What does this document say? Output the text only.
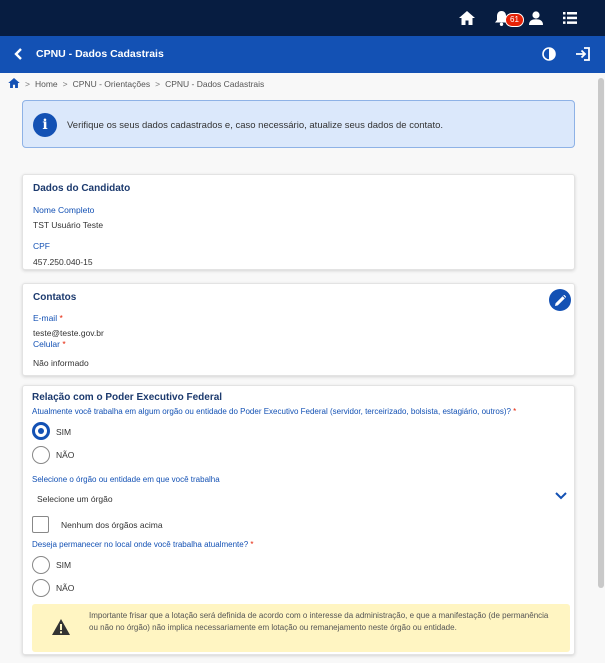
61
CPNU - Dados Cadastrais
> Home > CPNU - Orientações > CPNU - Dados Cadastrais
i	Verifique os seus dados cadastrados e, caso necessário, atualize seus dados de contato.
Dados do Candidato
Nome Completo
TST Usuário Teste
CPF
457.250.040-15
Contatos
E-mail *
teste@teste.gov.br
Celular *
Não informado
Relação com o Poder Executivo Federal
Atualmente você trabalha em algum orgão ou entidade do Poder Executivo Federal (servidor, terceirizado, bolsista, estagiário, outros)? *
SIM
NÃO
Selecione o órgão ou entidade em que você trabalha
Selecione um órgão
Nenhum dos órgãos acima
Deseja permanecer no local onde você trabalha atualmente? *
SIM
NÃO
Importante frisar que a lotação será definida de acordo com o interesse da administração, e que a manifestação (de permanência ou não no órgão) não implica necessariamente em lotação ou remanejamento neste órgão ou entidade.
